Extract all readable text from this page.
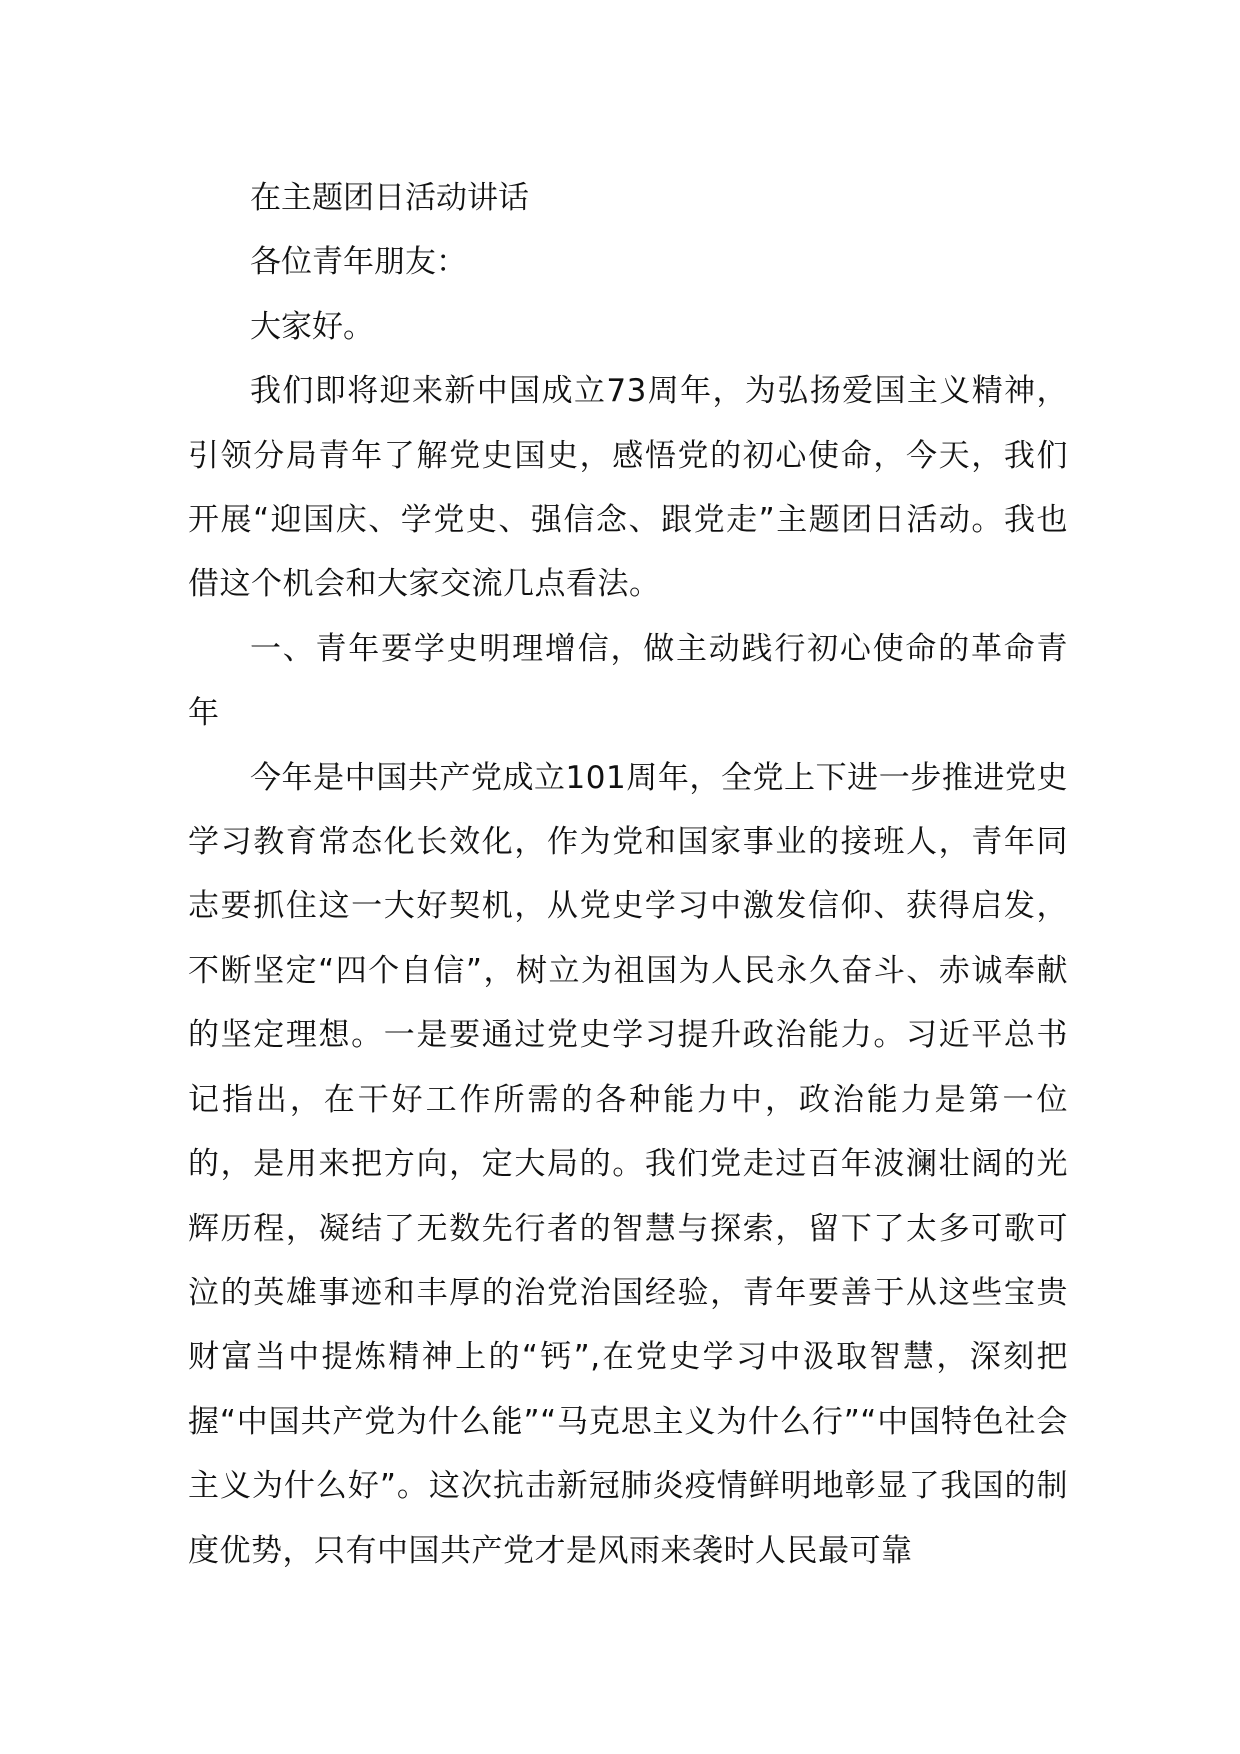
在主题团日活动讲话

各位青年朋友：

大家好。

我们即将迎来新中国成立73周年，为弘扬爱国主义精神，引领分局青年了解党史国史，感悟党的初心使命，今天，我们开展“迎国庆、学党史、强信念、跟党走”主题团日活动。我也借这个机会和大家交流几点看法。

一、青年要学史明理增信，做主动践行初心使命的革命青年

今年是中国共产党成立101周年，全党上下进一步推进党史学习教育常态化长效化，作为党和国家事业的接班人，青年同志要抓住这一大好契机，从党史学习中激发信仰、获得启发，不断坚定“四个自信”，树立为祖国为人民永久奋斗、赤诚奉献的坚定理想。一是要通过党史学习提升政治能力。习近平总书记指出，在干好工作所需的各种能力中，政治能力是第一位的，是用来把方向，定大局的。我们党走过百年波澜壮阔的光辉历程，凝结了无数先行者的智慧与探索，留下了太多可歌可泣的英雄事迹和丰厚的治党治国经验，青年要善于从这些宝贵财富当中提炼精神上的“钙”,在党史学习中汲取智慧，深刻把握“中国共产党为什么能”“马克思主义为什么行”“中国特色社会主义为什么好”。这次抗击新冠肺炎疫情鲜明地彰显了我国的制度优势，只有中国共产党才是风雨来袭时人民最可靠
